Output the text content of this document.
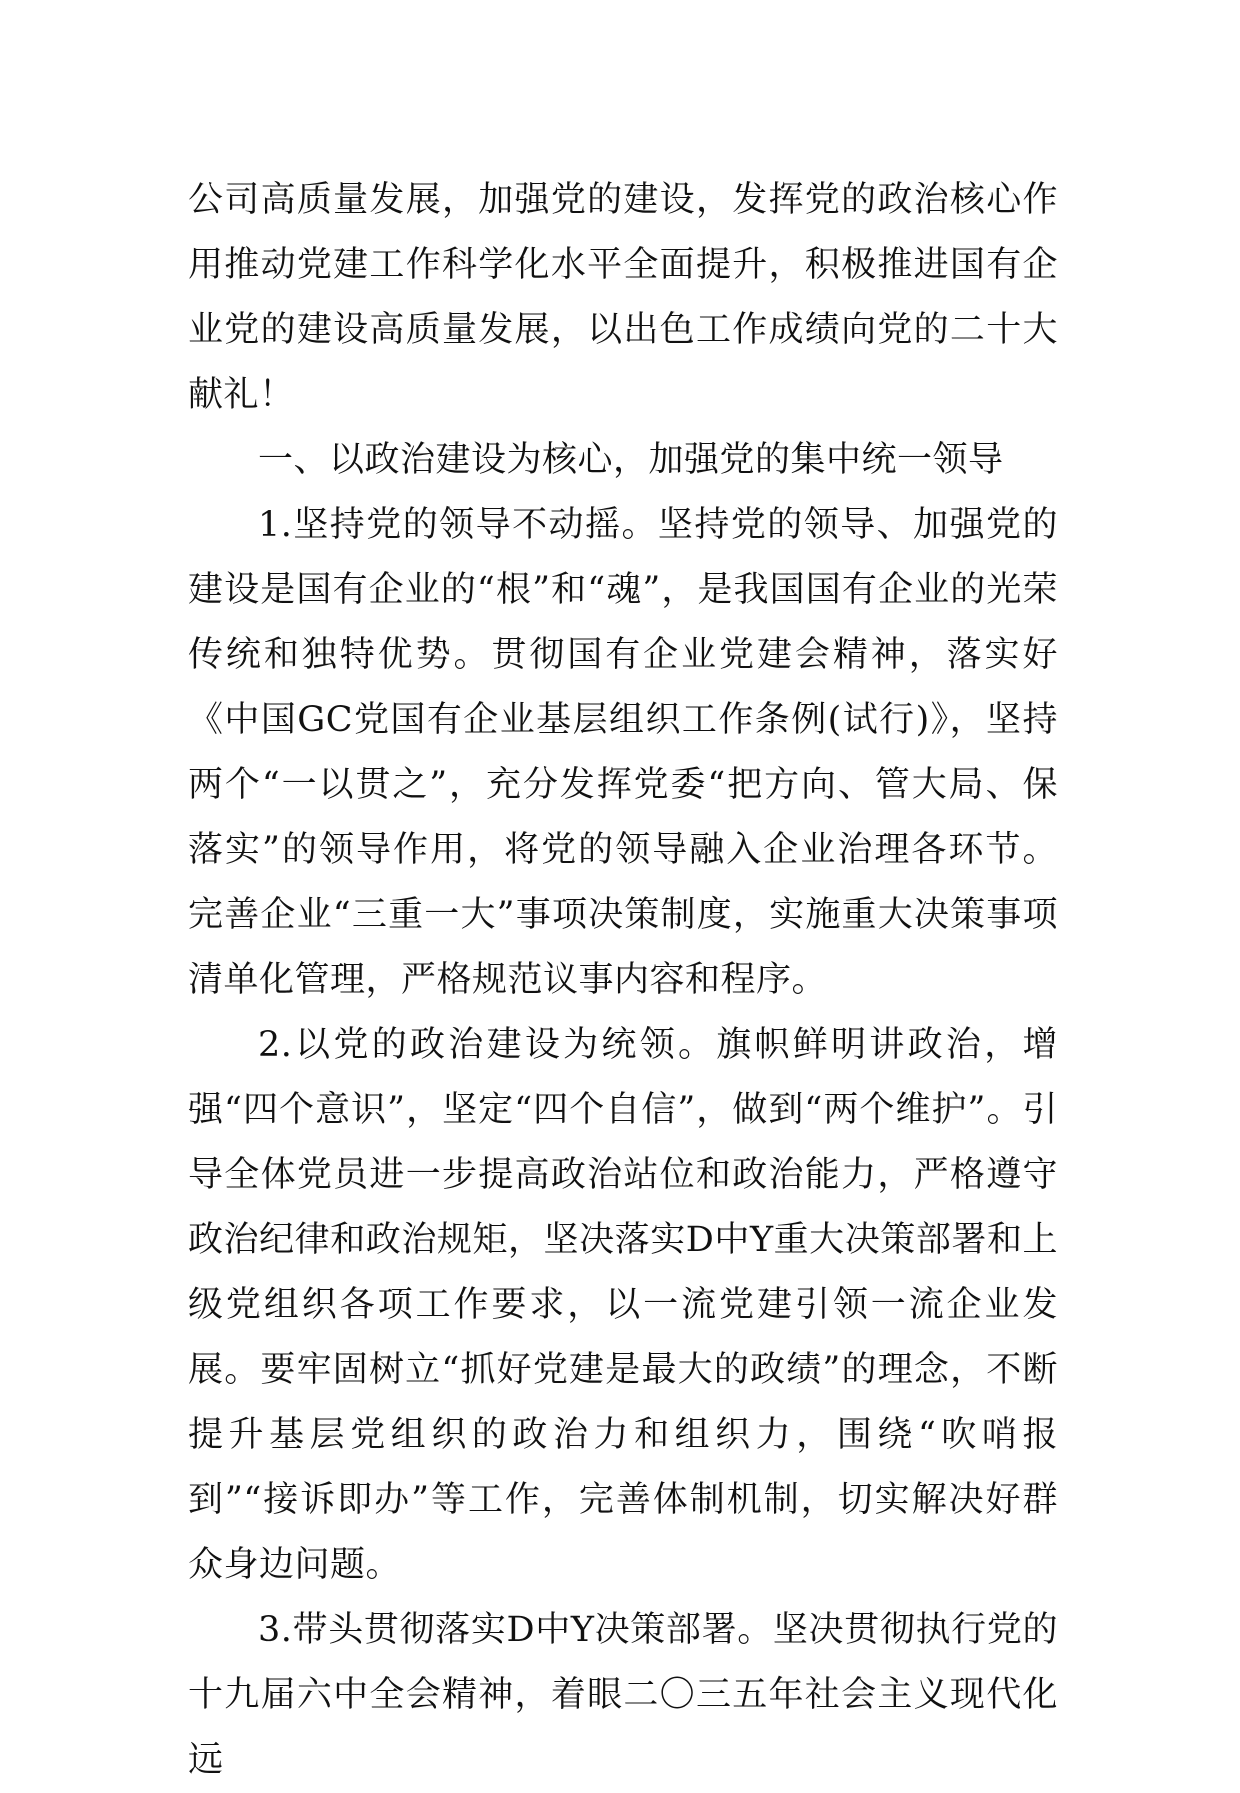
公司高质量发展，加强党的建设，发挥党的政治核心作用推动党建工作科学化水平全面提升，积极推进国有企业党的建设高质量发展，以出色工作成绩向党的二十大献礼！

一、以政治建设为核心，加强党的集中统一领导

1.坚持党的领导不动摇。坚持党的领导、加强党的建设是国有企业的“根”和“魂”，是我国国有企业的光荣传统和独特优势。贯彻国有企业党建会精神，落实好《中国GC党国有企业基层组织工作条例(试行)》，坚持两个“一以贯之”，充分发挥党委“把方向、管大局、保落实”的领导作用，将党的领导融入企业治理各环节。完善企业“三重一大”事项决策制度，实施重大决策事项清单化管理，严格规范议事内容和程序。

2.以党的政治建设为统领。旗帜鲜明讲政治，增强“四个意识”，坚定“四个自信”，做到“两个维护”。引导全体党员进一步提高政治站位和政治能力，严格遵守政治纪律和政治规矩，坚决落实D中Y重大决策部署和上级党组织各项工作要求，以一流党建引领一流企业发展。要牢固树立“抓好党建是最大的政绩”的理念，不断提升基层党组织的政治力和组织力，围绕“吹哨报到”“接诉即办”等工作，完善体制机制，切实解决好群众身边问题。

3.带头贯彻落实D中Y决策部署。坚决贯彻执行党的十九届六中全会精神，着眼二〇三五年社会主义现代化远
